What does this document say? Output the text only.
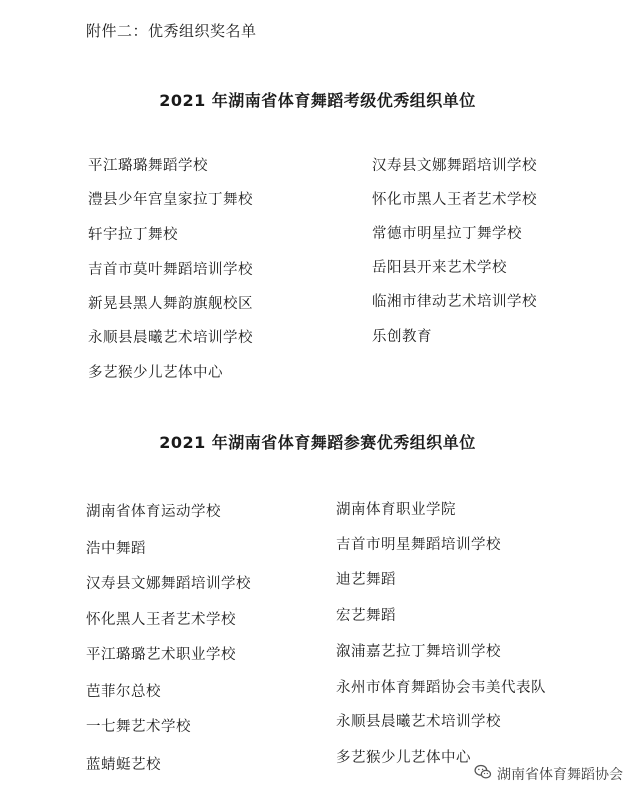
附件二：优秀组织奖名单
2021 年湖南省体育舞蹈考级优秀组织单位
平江璐璐舞蹈学校
澧县少年宫皇家拉丁舞校
轩宇拉丁舞校
吉首市莫叶舞蹈培训学校
新晃县黑人舞韵旗舰校区
永顺县晨曦艺术培训学校
多艺猴少儿艺体中心
汉寿县文娜舞蹈培训学校
怀化市黑人王者艺术学校
常德市明星拉丁舞学校
岳阳县开来艺术学校
临湘市律动艺术培训学校
乐创教育
2021 年湖南省体育舞蹈参赛优秀组织单位
湖南省体育运动学校
浩中舞蹈
汉寿县文娜舞蹈培训学校
怀化黑人王者艺术学校
平江璐璐艺术职业学校
芭菲尔总校
一七舞艺术学校
蓝蜻蜓艺校
湖南体育职业学院
吉首市明星舞蹈培训学校
迪艺舞蹈
宏艺舞蹈
溆浦嘉艺拉丁舞培训学校
永州市体育舞蹈协会韦美代表队
永顺县晨曦艺术培训学校
多艺猴少儿艺体中心
湖南省体育舞蹈协会
